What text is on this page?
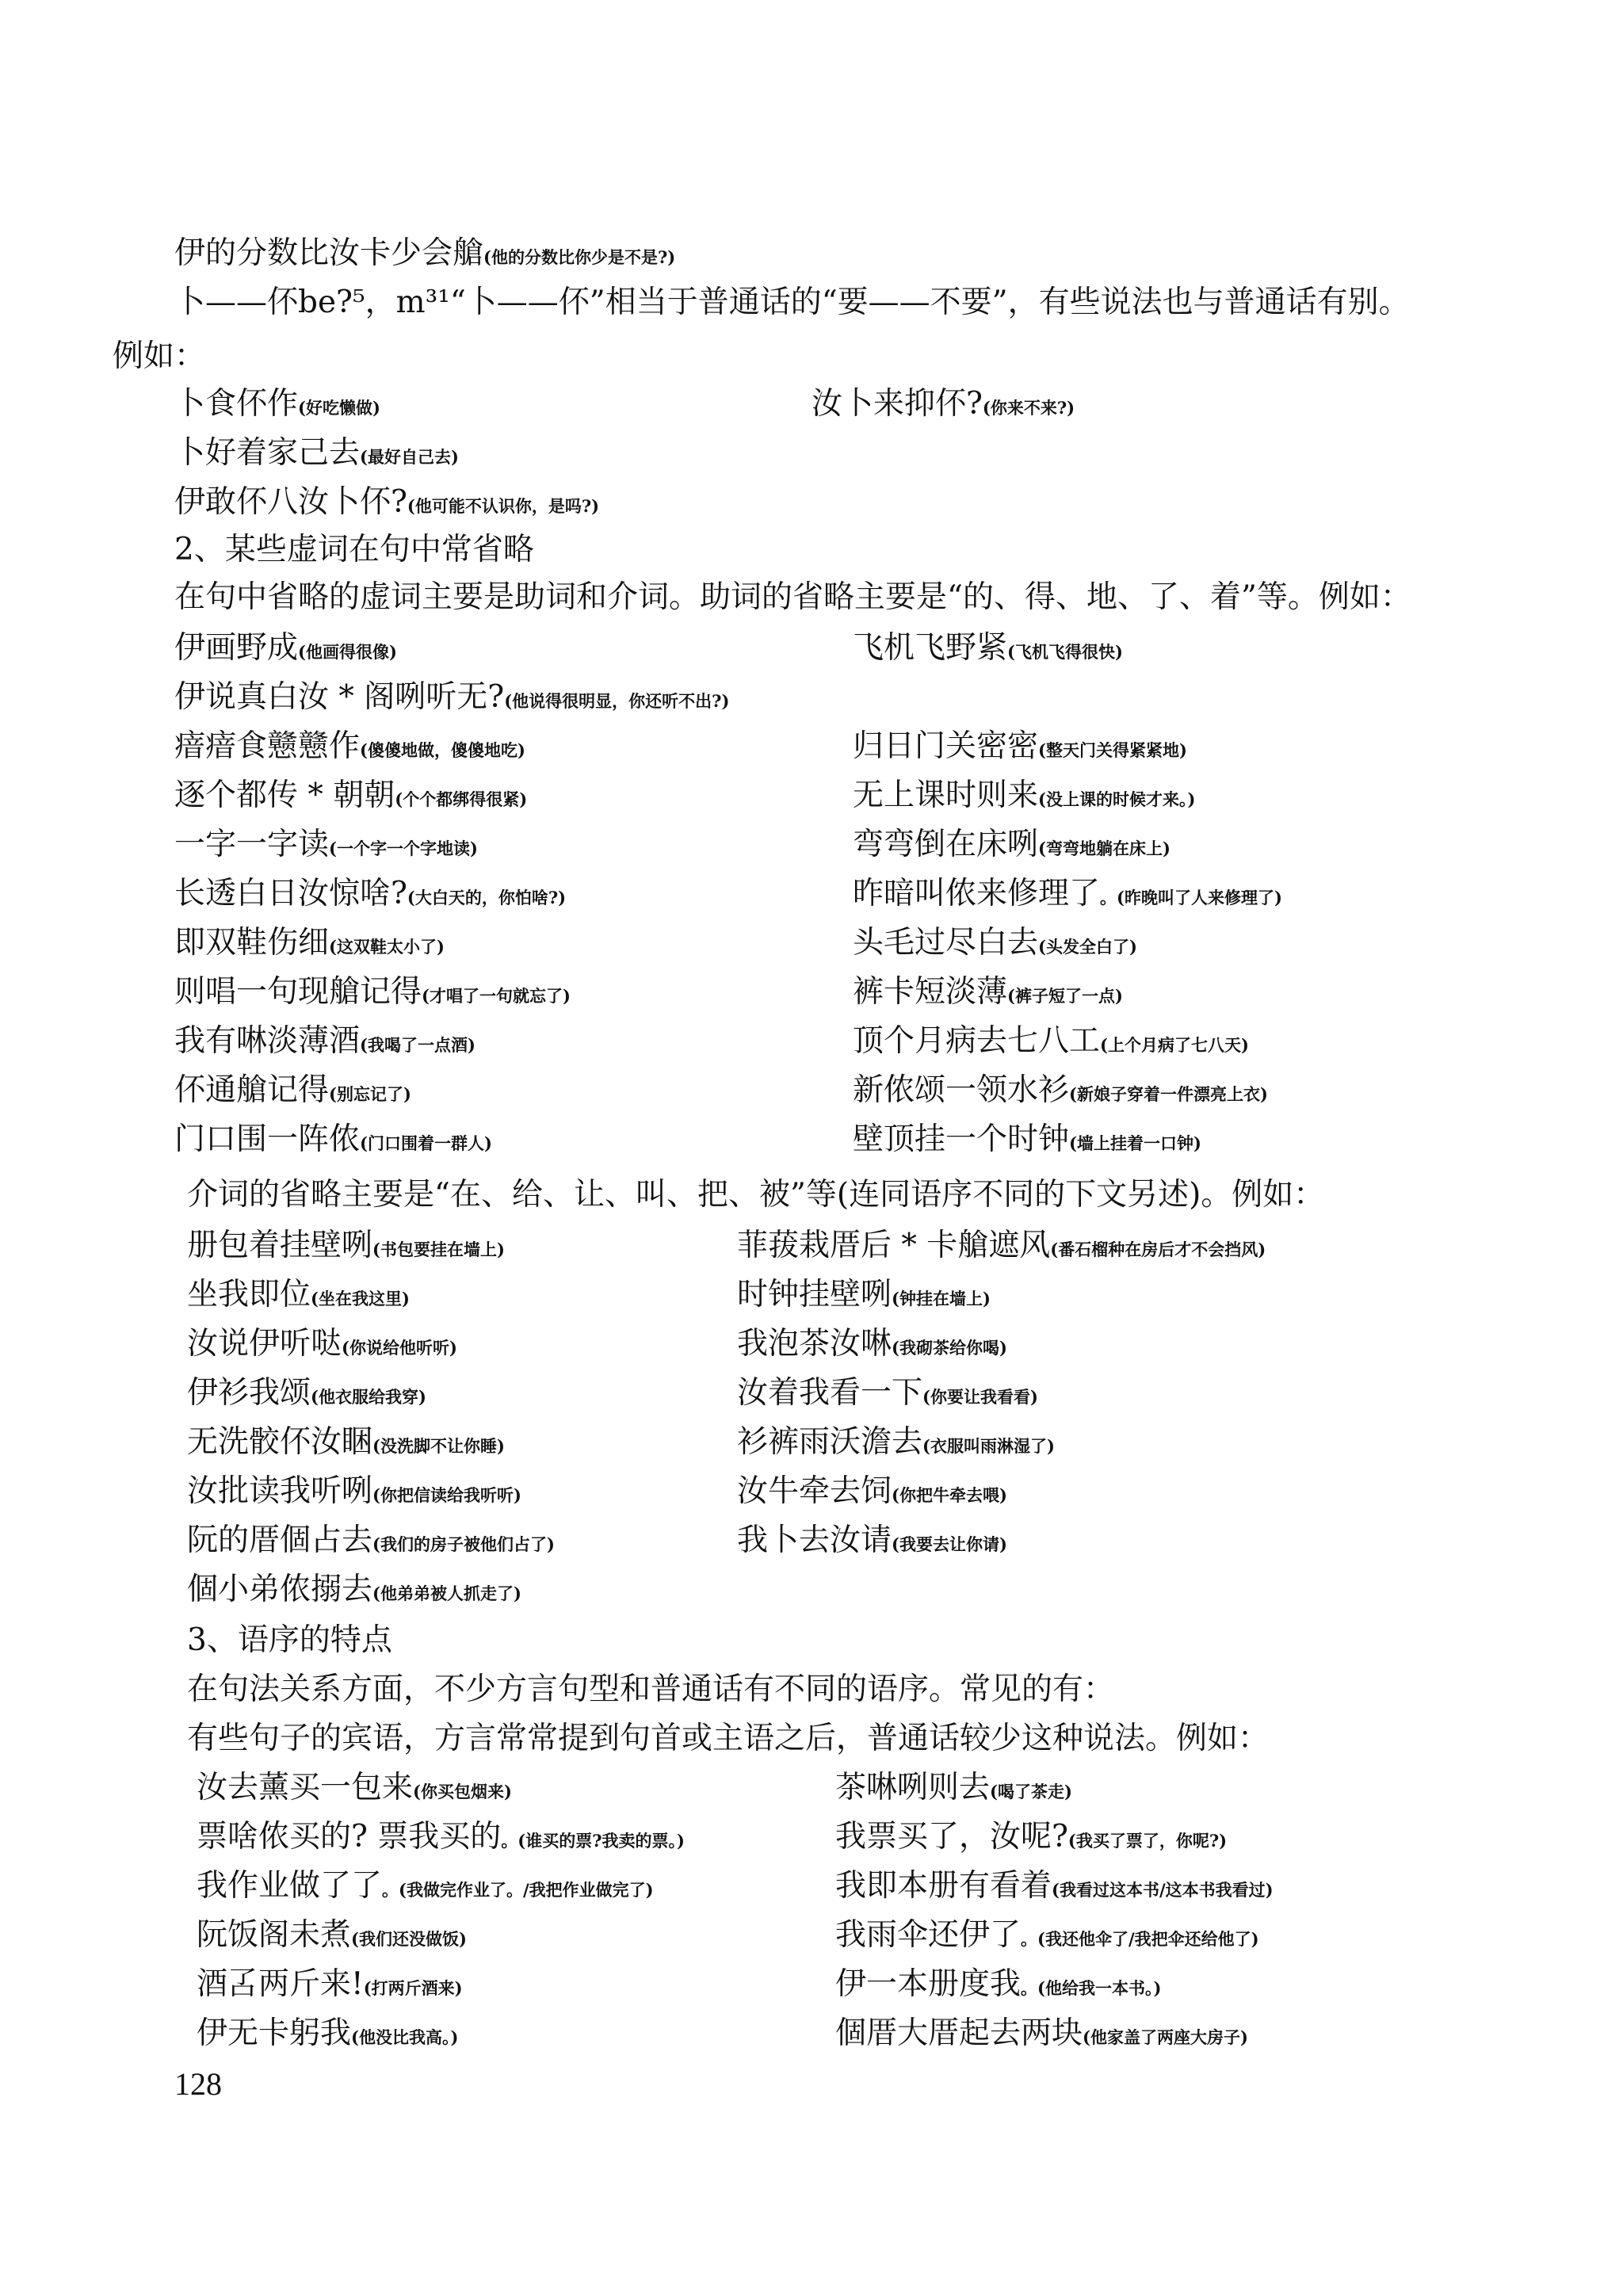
伊的分数比汝卡少会艙(他的分数比你少是不是?)
卜——伓be?⁵，m³¹“卜——伓”相当于普通话的“要——不要”，有些说法也与普通话有别。
例如：
卜食伓作(好吃懒做)
卜好着家己去(最好自己去)
伊敢伓八汝卜伓?(他可能不认识你，是吗?)
汝卜来抑伓?(你来不来?)
2、某些虚词在句中常省略
在句中省略的虚词主要是助词和介词。助词的省略主要是“的、得、地、了、着”等。例如：
伊画野成(他画得很像)
伊说真白汝 * 阁咧听无?(他说得很明显，你还听不出?)
瘖瘖食戆戆作(傻傻地做，傻傻地吃)
逐个都传 * 朝朝(个个都绑得很紧)
一字一字读(一个字一个字地读)
长透白日汝惊啥?(大白天的，你怕啥?)
即双鞋伤细(这双鞋太小了)
则唱一句现艙记得(才唱了一句就忘了)
我有啉淡薄酒(我喝了一点酒)
伓通艙记得(别忘记了)
门口围一阵侬(门口围着一群人)
飞机飞野紧(飞机飞得很快)
归日门关密密(整天门关得紧紧地)
无上课时则来(没上课的时候才来。)
弯弯倒在床咧(弯弯地躺在床上)
昨暗叫侬来修理了。(昨晚叫了人来修理了)
头毛过尽白去(头发全白了)
裤卡短淡薄(裤子短了一点)
顶个月病去七八工(上个月病了七八天)
新侬颂一领水衫(新娘子穿着一件漂亮上衣)
壁顶挂一个时钟(墙上挂着一口钟)
介词的省略主要是“在、给、让、叫、把、被”等(连同语序不同的下文另述)。例如：
册包着挂壁咧(书包要挂在墙上)
坐我即位(坐在我这里)
汝说伊听哒(你说给他听听)
伊衫我颂(他衣服给我穿)
无洗骹伓汝睏(没洗脚不让你睡)
汝批读我听咧(你把信读给我听听)
阮的厝個占去(我们的房子被他们占了)
個小弟侬搦去(他弟弟被人抓走了)
菲菝栽厝后 * 卡艙遮风(番石榴种在房后才不会挡风)
时钟挂壁咧(钟挂在墙上)
我泡茶汝啉(我砌茶给你喝)
汝着我看一下(你要让我看看)
衫裤雨沃澹去(衣服叫雨淋湿了)
汝牛牵去饲(你把牛牵去喂)
我卜去汝请(我要去让你请)
3、语序的特点
在句法关系方面，不少方言句型和普通话有不同的语序。常见的有：
有些句子的宾语，方言常常提到句首或主语之后，普通话较少这种说法。例如：
汝去薰买一包来(你买包烟来)
票啥侬买的? 票我买的。(谁买的票?我卖的票。)
我作业做了了。(我做完作业了。/我把作业做完了)
阮饭阁未煮(我们还没做饭)
酒叾两斤来!(打两斤酒来)
伊无卡躬我(他没比我高。)
茶啉咧则去(喝了茶走)
我票买了，汝呢?(我买了票了，你呢?)
我即本册有看着(我看过这本书/这本书我看过)
我雨伞还伊了。(我还他伞了/我把伞还给他了)
伊一本册度我。(他给我一本书。)
個厝大厝起去两块(他家盖了两座大房子)
128
